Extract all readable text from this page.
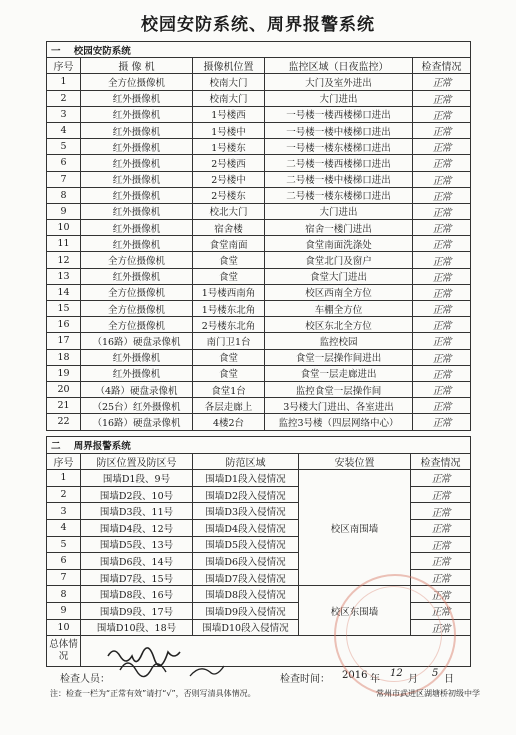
校园安防系统、周界报警系统
一 校园安防系统				
序号	摄 像 机	摄像机位置	监控区域（日夜监控）	检查情况
1	全方位摄像机	校南大门	大门及室外进出	正常
2	红外摄像机	校南大门	大门进出	正常
3	红外摄像机	1号楼西	一号楼一楼西楼梯口进出	正常
4	红外摄像机	1号楼中	一号楼一楼中楼梯口进出	正常
5	红外摄像机	1号楼东	一号楼一楼东楼梯口进出	正常
6	红外摄像机	2号楼西	二号楼一楼西楼梯口进出	正常
7	红外摄像机	2号楼中	二号楼一楼中楼梯口进出	正常
8	红外摄像机	2号楼东	二号楼一楼东楼梯口进出	正常
9	红外摄像机	校北大门	大门进出	正常
10	红外摄像机	宿舍楼	宿舍一楼门进出	正常
11	红外摄像机	食堂南面	食堂南面洗涤处	正常
12	全方位摄像机	食堂	食堂北门及窗户	正常
13	红外摄像机	食堂	食堂大门进出	正常
14	全方位摄像机	1号楼西南角	校区西南全方位	正常
15	全方位摄像机	1号楼东北角	车棚全方位	正常
16	全方位摄像机	2号楼东北角	校区东北全方位	正常
17	（16路）硬盘录像机	南门卫1台	监控校园	正常
18	红外摄像机	食堂	食堂一层操作间进出	正常
19	红外摄像机	食堂	食堂一层走廊进出	正常
20	（4路）硬盘录像机	食堂1台	监控食堂一层操作间	正常
21	（25台）红外摄像机	各层走廊上	3号楼大门进出、各室进出	正常
22	（16路）硬盘录像机	4楼2台	监控3号楼（四层网络中心）	正常
二 周界报警系统				
序号	防区位置及防区号	防范区域	安装位置	检查情况
1	围墙D1段、9号	围墙D1段入侵情况	校区南围墙	正常
2	围墙D2段、10号	围墙D2段入侵情况		正常
3	围墙D3段、11号	围墙D3段入侵情况		正常
4	围墙D4段、12号	围墙D4段入侵情况		正常
5	围墙D5段、13号	围墙D5段入侵情况		正常
6	围墙D6段、14号	围墙D6段入侵情况		正常
7	围墙D7段、15号	围墙D7段入侵情况		正常
8	围墙D8段、16号	围墙D8段入侵情况	校区东围墙	正常
9	围墙D9段、17号	围墙D9段入侵情况		正常
10	围墙D10段、18号	围墙D10段入侵情况		正常
总体情况				
检查人员：	检查时间： 2016 年
12
月
5
日
注：检查一栏为“正常有效”请打“√”，否则写清具体情况。	常州市武进区湖塘桥初级中学
